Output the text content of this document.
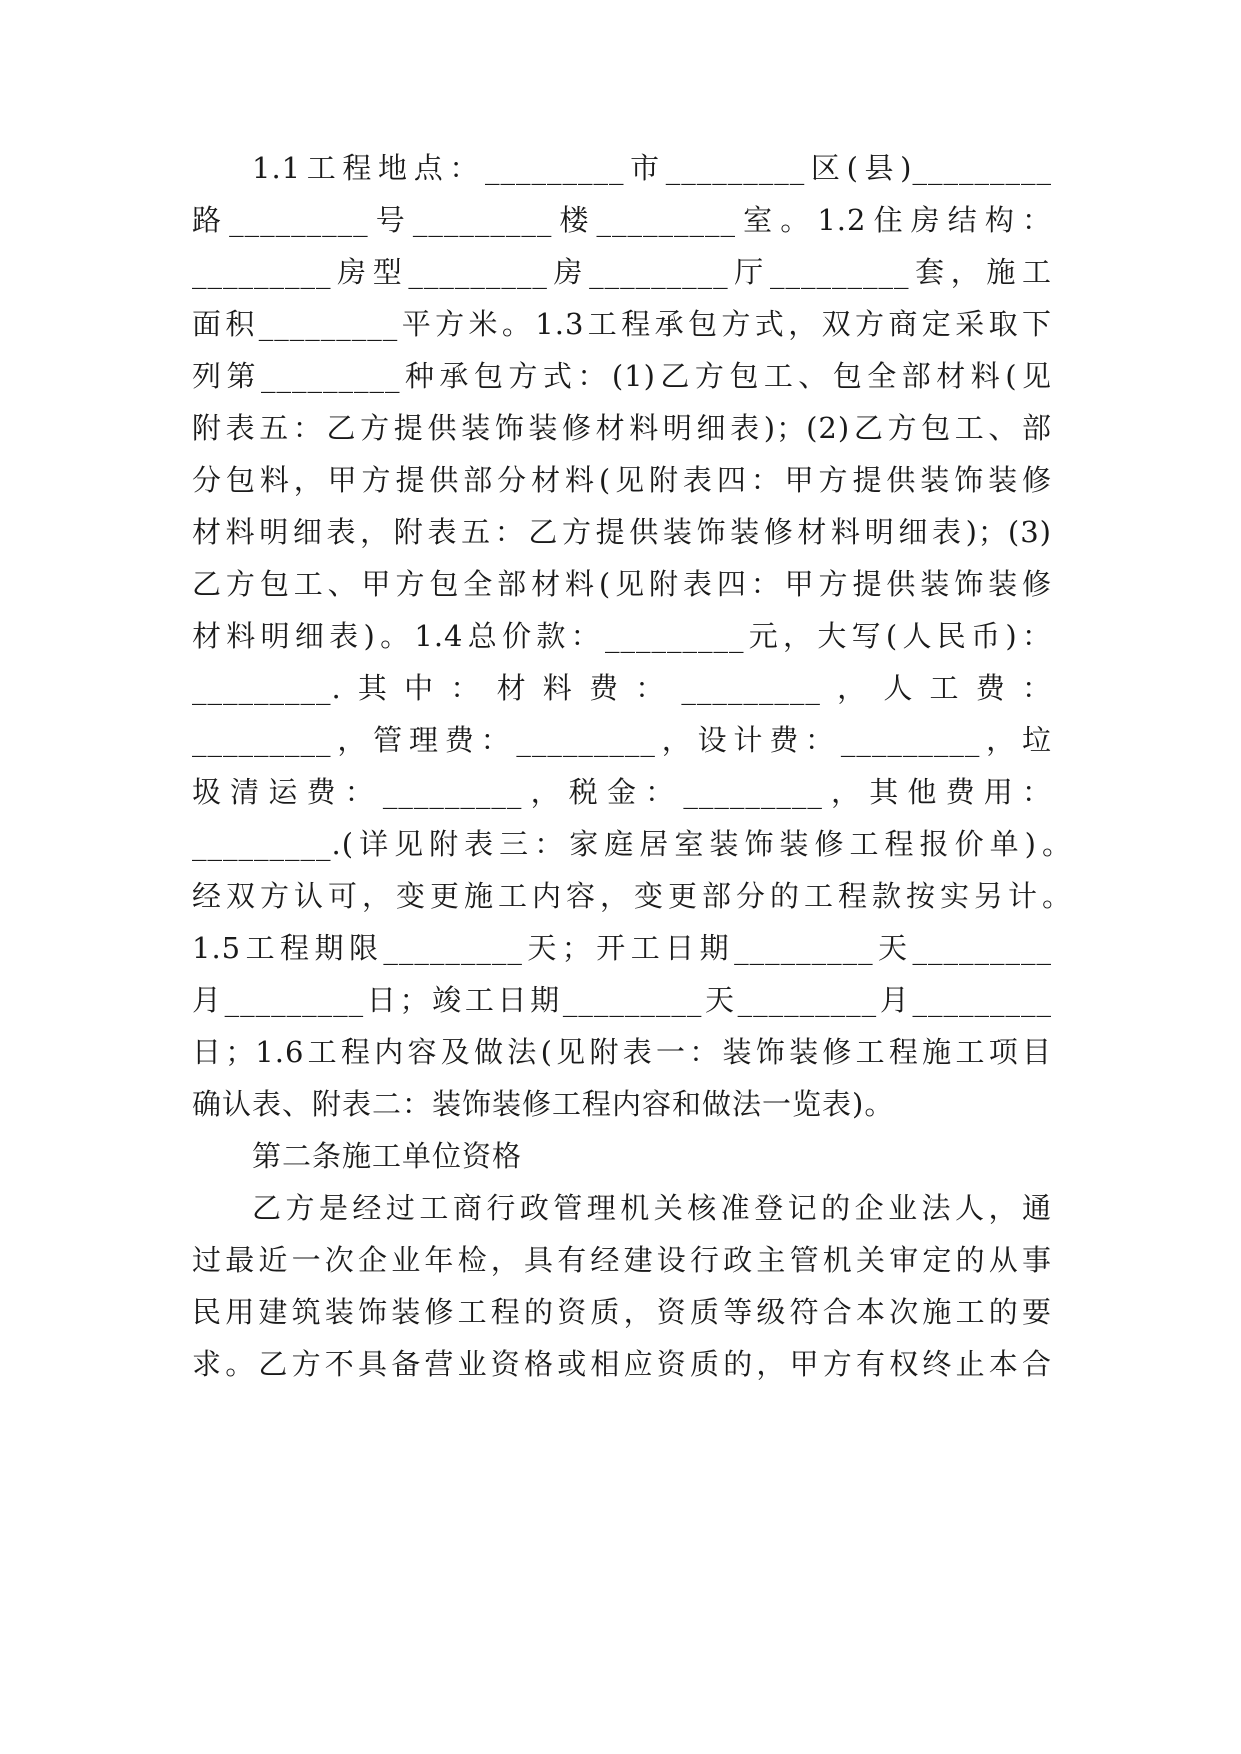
1.1工程地点：_________市_________区(县)_________
路_________号_________楼_________室。1.2住房结构：
_________房型_________房_________厅_________套，施工
面积_________平方米。1.3工程承包方式，双方商定采取下
列第_________种承包方式：(1)乙方包工、包全部材料(见
附表五：乙方提供装饰装修材料明细表)；(2)乙方包工、部
分包料，甲方提供部分材料(见附表四：甲方提供装饰装修
材料明细表，附表五：乙方提供装饰装修材料明细表)；(3)
乙方包工、甲方包全部材料(见附表四：甲方提供装饰装修
材料明细表)。1.4总价款：_________元，大写(人民币)：
_________.其中：材料费：_________，人工费：
_________，管理费：_________，设计费：_________，垃
圾清运费：_________，税金：_________，其他费用：
_________.(详见附表三：家庭居室装饰装修工程报价单)。
经双方认可，变更施工内容，变更部分的工程款按实另计。
1.5工程期限_________天；开工日期_________天_________
月_________日；竣工日期_________天_________月_________
日；1.6工程内容及做法(见附表一：装饰装修工程施工项目
确认表、附表二：装饰装修工程内容和做法一览表)。
第二条施工单位资格
乙方是经过工商行政管理机关核准登记的企业法人，通
过最近一次企业年检，具有经建设行政主管机关审定的从事
民用建筑装饰装修工程的资质，资质等级符合本次施工的要
求。乙方不具备营业资格或相应资质的，甲方有权终止本合
